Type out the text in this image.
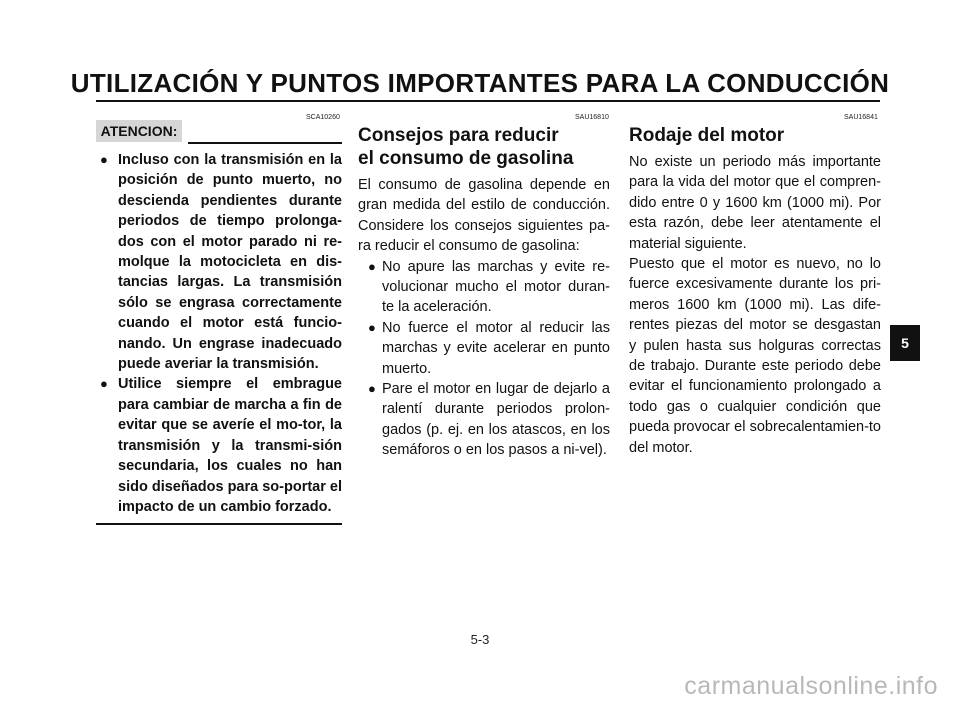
UTILIZACIÓN Y PUNTOS IMPORTANTES PARA LA CONDUCCIÓN
SCA10260	SAU16810	SAU16841
ATENCION:
● Incluso con la transmisión en la posición de punto muerto, no descienda pendientes durante periodos de tiempo prolonga-dos con el motor parado ni re-molque la motocicleta en dis-tancias largas. La transmisión sólo se engrasa correctamente cuando el motor está funcio-nando. Un engrase inadecuado puede averiar la transmisión.
● Utilice siempre el embrague para cambiar de marcha a fin de evitar que se averíe el mo-tor, la transmisión y la transmi-sión secundaria, los cuales no han sido diseñados para so-portar el impacto de un cambio forzado.
Consejos para reducir
el consumo de gasolina

El consumo de gasolina depende en gran medida del estilo de conducción. Considere los consejos siguientes pa-ra reducir el consumo de gasolina:

● No apure las marchas y evite re-volucionar mucho el motor duran-te la aceleración.
● No fuerce el motor al reducir las marchas y evite acelerar en punto muerto.
● Pare el motor en lugar de dejarlo a ralentí durante periodos prolon-gados (p. ej. en los atascos, en los semáforos o en los pasos a ni-vel).
Rodaje del motor

No existe un periodo más importante para la vida del motor que el compren-dido entre 0 y 1600 km (1000 mi). Por esta razón, debe leer atentamente el material siguiente.

Puesto que el motor es nuevo, no lo fuerce excesivamente durante los pri-meros 1600 km (1000 mi). Las dife-rentes piezas del motor se desgastan y pulen hasta sus holguras correctas de trabajo. Durante este periodo debe evitar el funcionamiento prolongado a todo gas o cualquier condición que pueda provocar el sobrecalentamien-to del motor.

5
5-3
carmanualsonline.info
